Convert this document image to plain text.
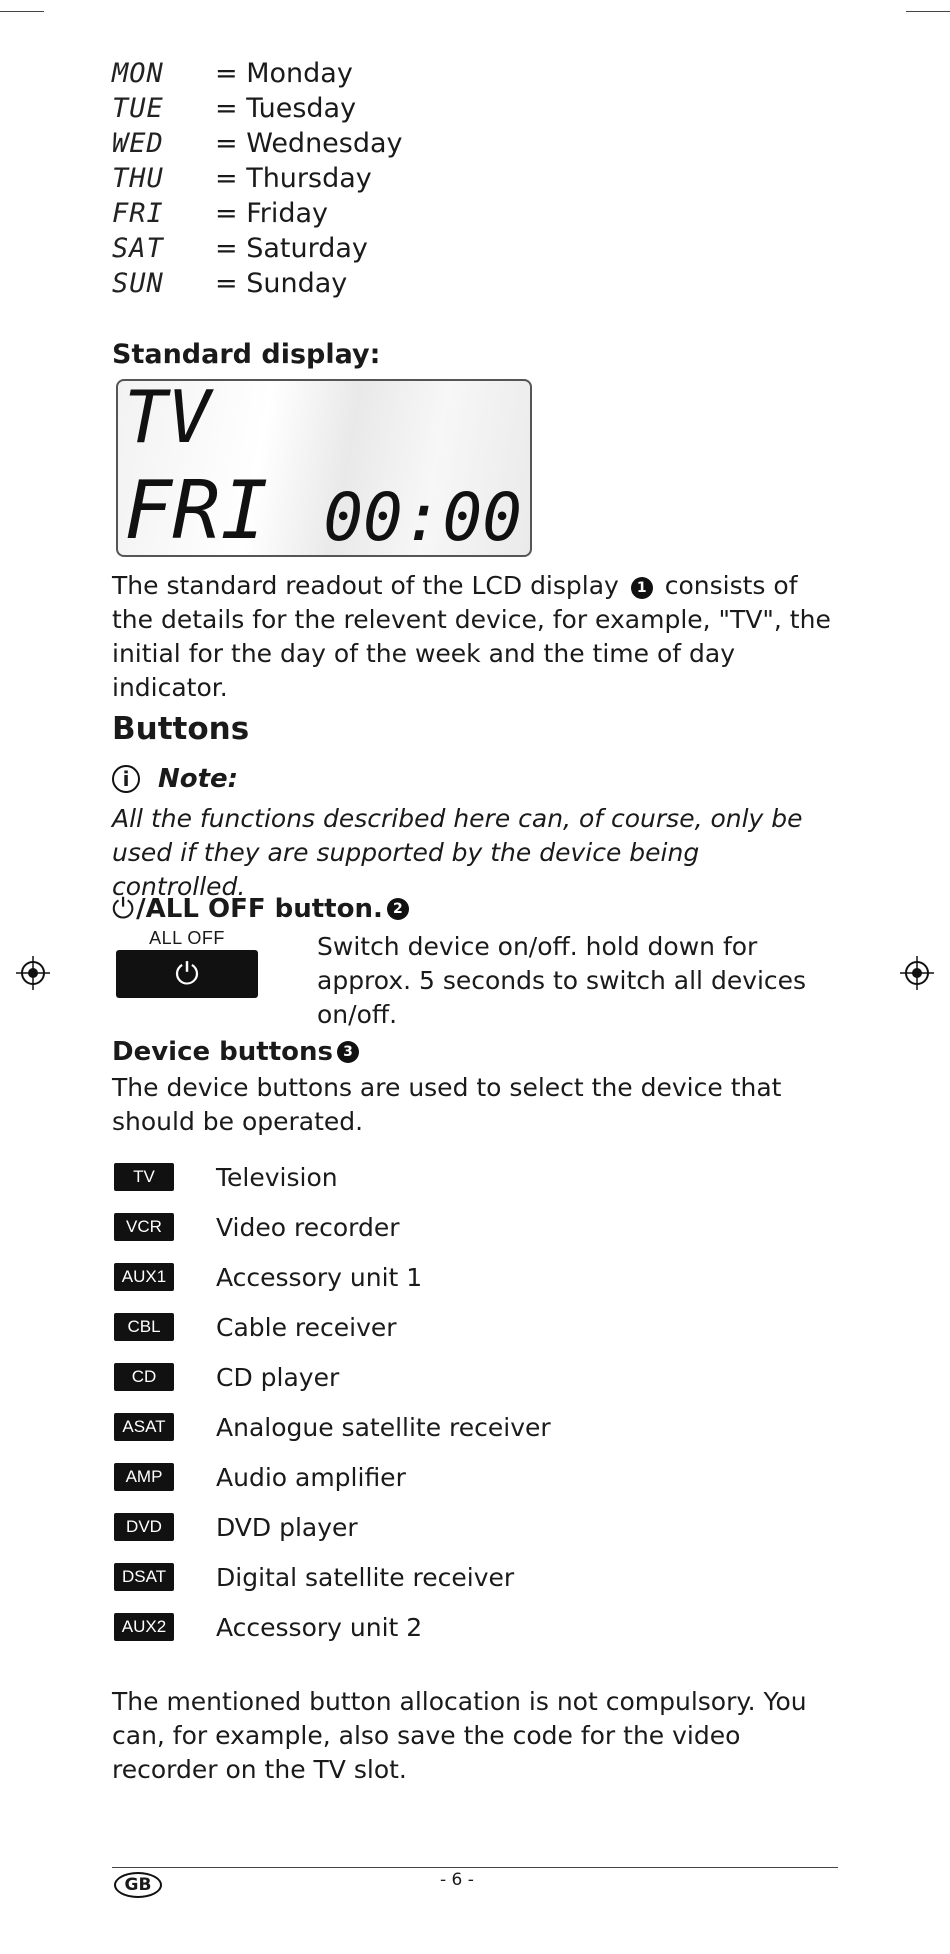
MON	= Monday
TUE	= Tuesday
WED	= Wednesday
THU	= Thursday
FRI	= Friday
SAT	= Saturday
SUN	= Sunday
Standard display:
TV
FRI 00:00

The standard readout of the LCD display 1 consists of the details for the relevent device, for example, "TV", the initial for the day of the week and the time of day indicator.

Buttons
i	Note:

All the functions described here can, of course, only be used if they are supported by the device being controlled.

⏻ /ALL OFF button. 2
ALL OFF
⏻

Switch device on/off. hold down for approx. 5 seconds to switch all devices on/off.

Device buttons 3

The device buttons are used to select the device that should be operated.

TV	Television
VCR	Video recorder
AUX1	Accessory unit 1
CBL	Cable receiver
CD	CD player
ASAT	Analogue satellite receiver
AMP	Audio amplifier
DVD	DVD player
DSAT	Digital satellite receiver
AUX2	Accessory unit 2

The mentioned button allocation is not compulsory. You can, for example, also save the code for the video recorder on the TV slot.

GB	- 6 -
